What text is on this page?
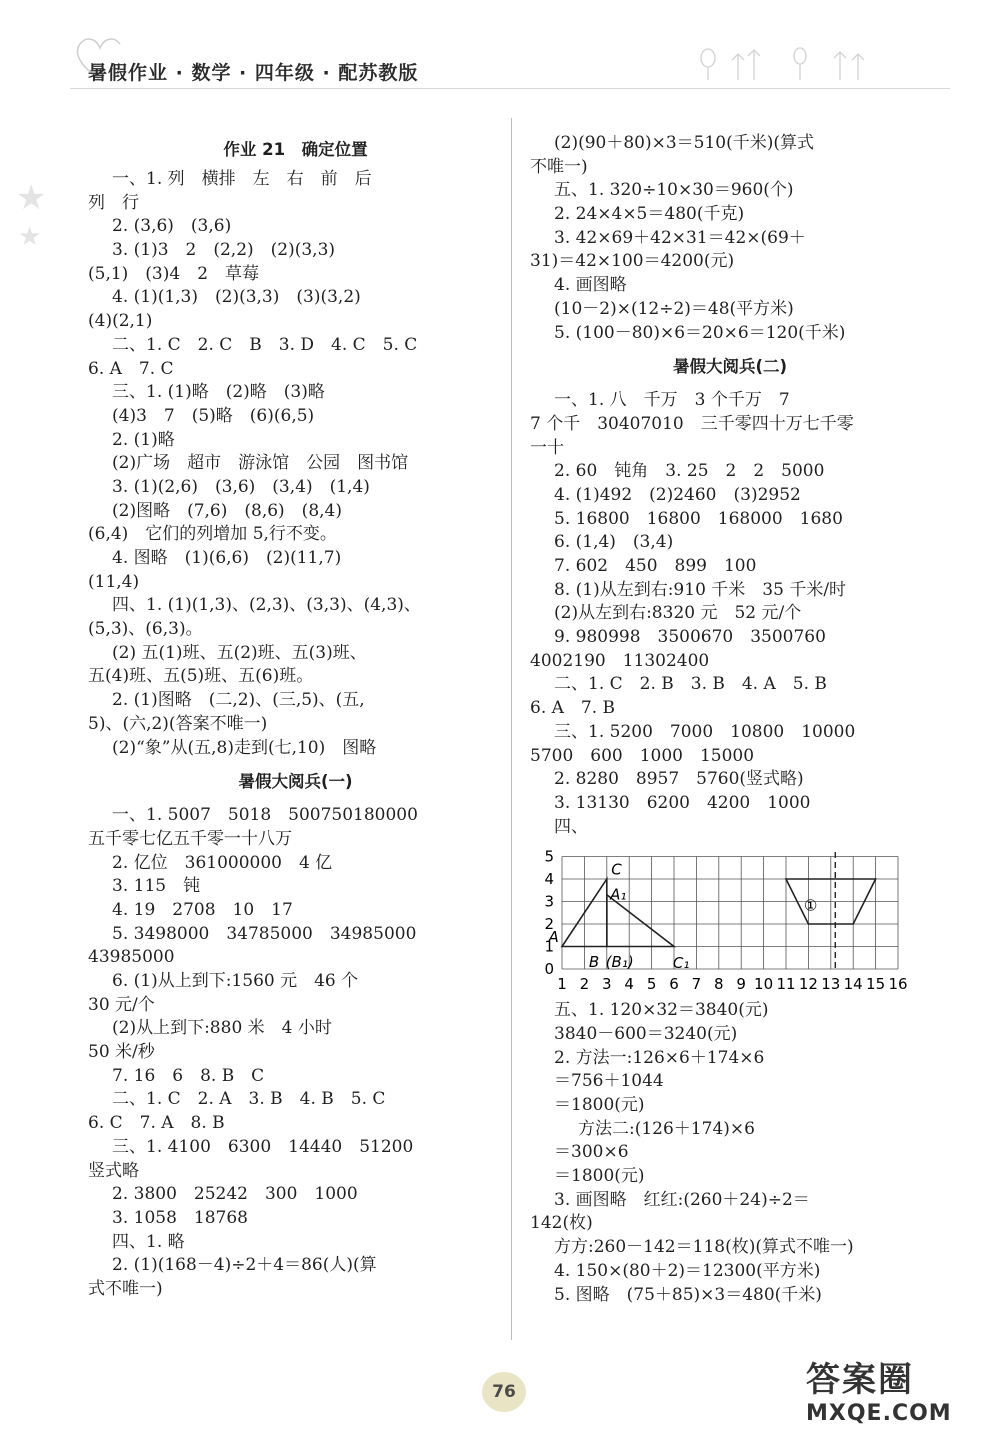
★
★
暑假作业 · 数学 · 四年级 · 配苏教版
作业 21　确定位置
一、1. 列　横排　左　右　前　后
列　行
2. (3,6)　(3,6)
3. (1)3　2　(2,2)　(2)(3,3)
(5,1)　(3)4　2　草莓
4. (1)(1,3)　(2)(3,3)　(3)(3,2)
(4)(2,1)
二、1. C　2. C　B　3. D　4. C　5. C
6. A　7. C
三、1. (1)略　(2)略　(3)略
(4)3　7　(5)略　(6)(6,5)
2. (1)略
(2)广场　超市　游泳馆　公园　图书馆
3. (1)(2,6)　(3,6)　(3,4)　(1,4)
(2)图略　(7,6)　(8,6)　(8,4)
(6,4)　它们的列增加 5,行不变。
4. 图略　(1)(6,6)　(2)(11,7)
(11,4)
四、1. (1)(1,3)、(2,3)、(3,3)、(4,3)、
(5,3)、(6,3)。
(2) 五(1)班、五(2)班、五(3)班、
五(4)班、五(5)班、五(6)班。
2. (1)图略　(二,2)、(三,5)、(五,
5)、(六,2)(答案不唯一)
(2)“象”从(五,8)走到(七,10)　图略
暑假大阅兵(一)
一、1. 5007　5018　500750180000
五千零七亿五千零一十八万
2. 亿位　361000000　4 亿
3. 115　钝
4. 19　2708　10　17
5. 3498000　34785000　34985000
43985000
6. (1)从上到下:1560 元　46 个
30 元/个
(2)从上到下:880 米　4 小时
50 米/秒
7. 16　6　8. B　C
二、1. C　2. A　3. B　4. B　5. C
6. C　7. A　8. B
三、1. 4100　6300　14440　51200
竖式略
2. 3800　25242　300　1000
3. 1058　18768
四、1. 略
2. (1)(168－4)÷2＋4＝86(人)(算
式不唯一)
(2)(90＋80)×3＝510(千米)(算式
不唯一)
五、1. 320÷10×30＝960(个)
2. 24×4×5＝480(千克)
3. 42×69＋42×31＝42×(69＋
31)＝42×100＝4200(元)
4. 画图略
(10－2)×(12÷2)＝48(平方米)
5. (100－80)×6＝20×6＝120(千米)
暑假大阅兵(二)
一、1. 八　千万　3 个千万　7
7 个千　30407010　三千零四十万七千零
一十
2. 60　钝角　3. 25　2　2　5000
4. (1)492　(2)2460　(3)2952
5. 16800　16800　168000　1680
6. (1,4)　(3,4)
7. 602　450　899　100
8. (1)从左到右:910 千米　35 千米/时
(2)从左到右:8320 元　52 元/个
9. 980998　3500670　3500760
4002190　11302400
二、1. C　2. B　3. B　4. A　5. B
6. A　7. B
三、1. 5200　7000　10800　10000
5700　600　1000　15000
2. 8280　8957　5760(竖式略)
3. 13130　6200　4200　1000
四、
1 2 3 4 5 6 7 8 9 10 11 12 13 14 15 16
0
1
2
3
4
5
A
C
A₁
B (B₁)	C₁
①
五、1. 120×32＝3840(元)
3840－600＝3240(元)
2. 方法一:126×6＋174×6
＝756＋1044
＝1800(元)
方法二:(126＋174)×6
＝300×6
＝1800(元)
3. 画图略　红红:(260＋24)÷2＝
142(枚)
方方:260－142＝118(枚)(算式不唯一)
4. 150×(80＋2)＝12300(平方米)
5. 图略　(75＋85)×3＝480(千米)
76	答案圈
MXQE.COM
